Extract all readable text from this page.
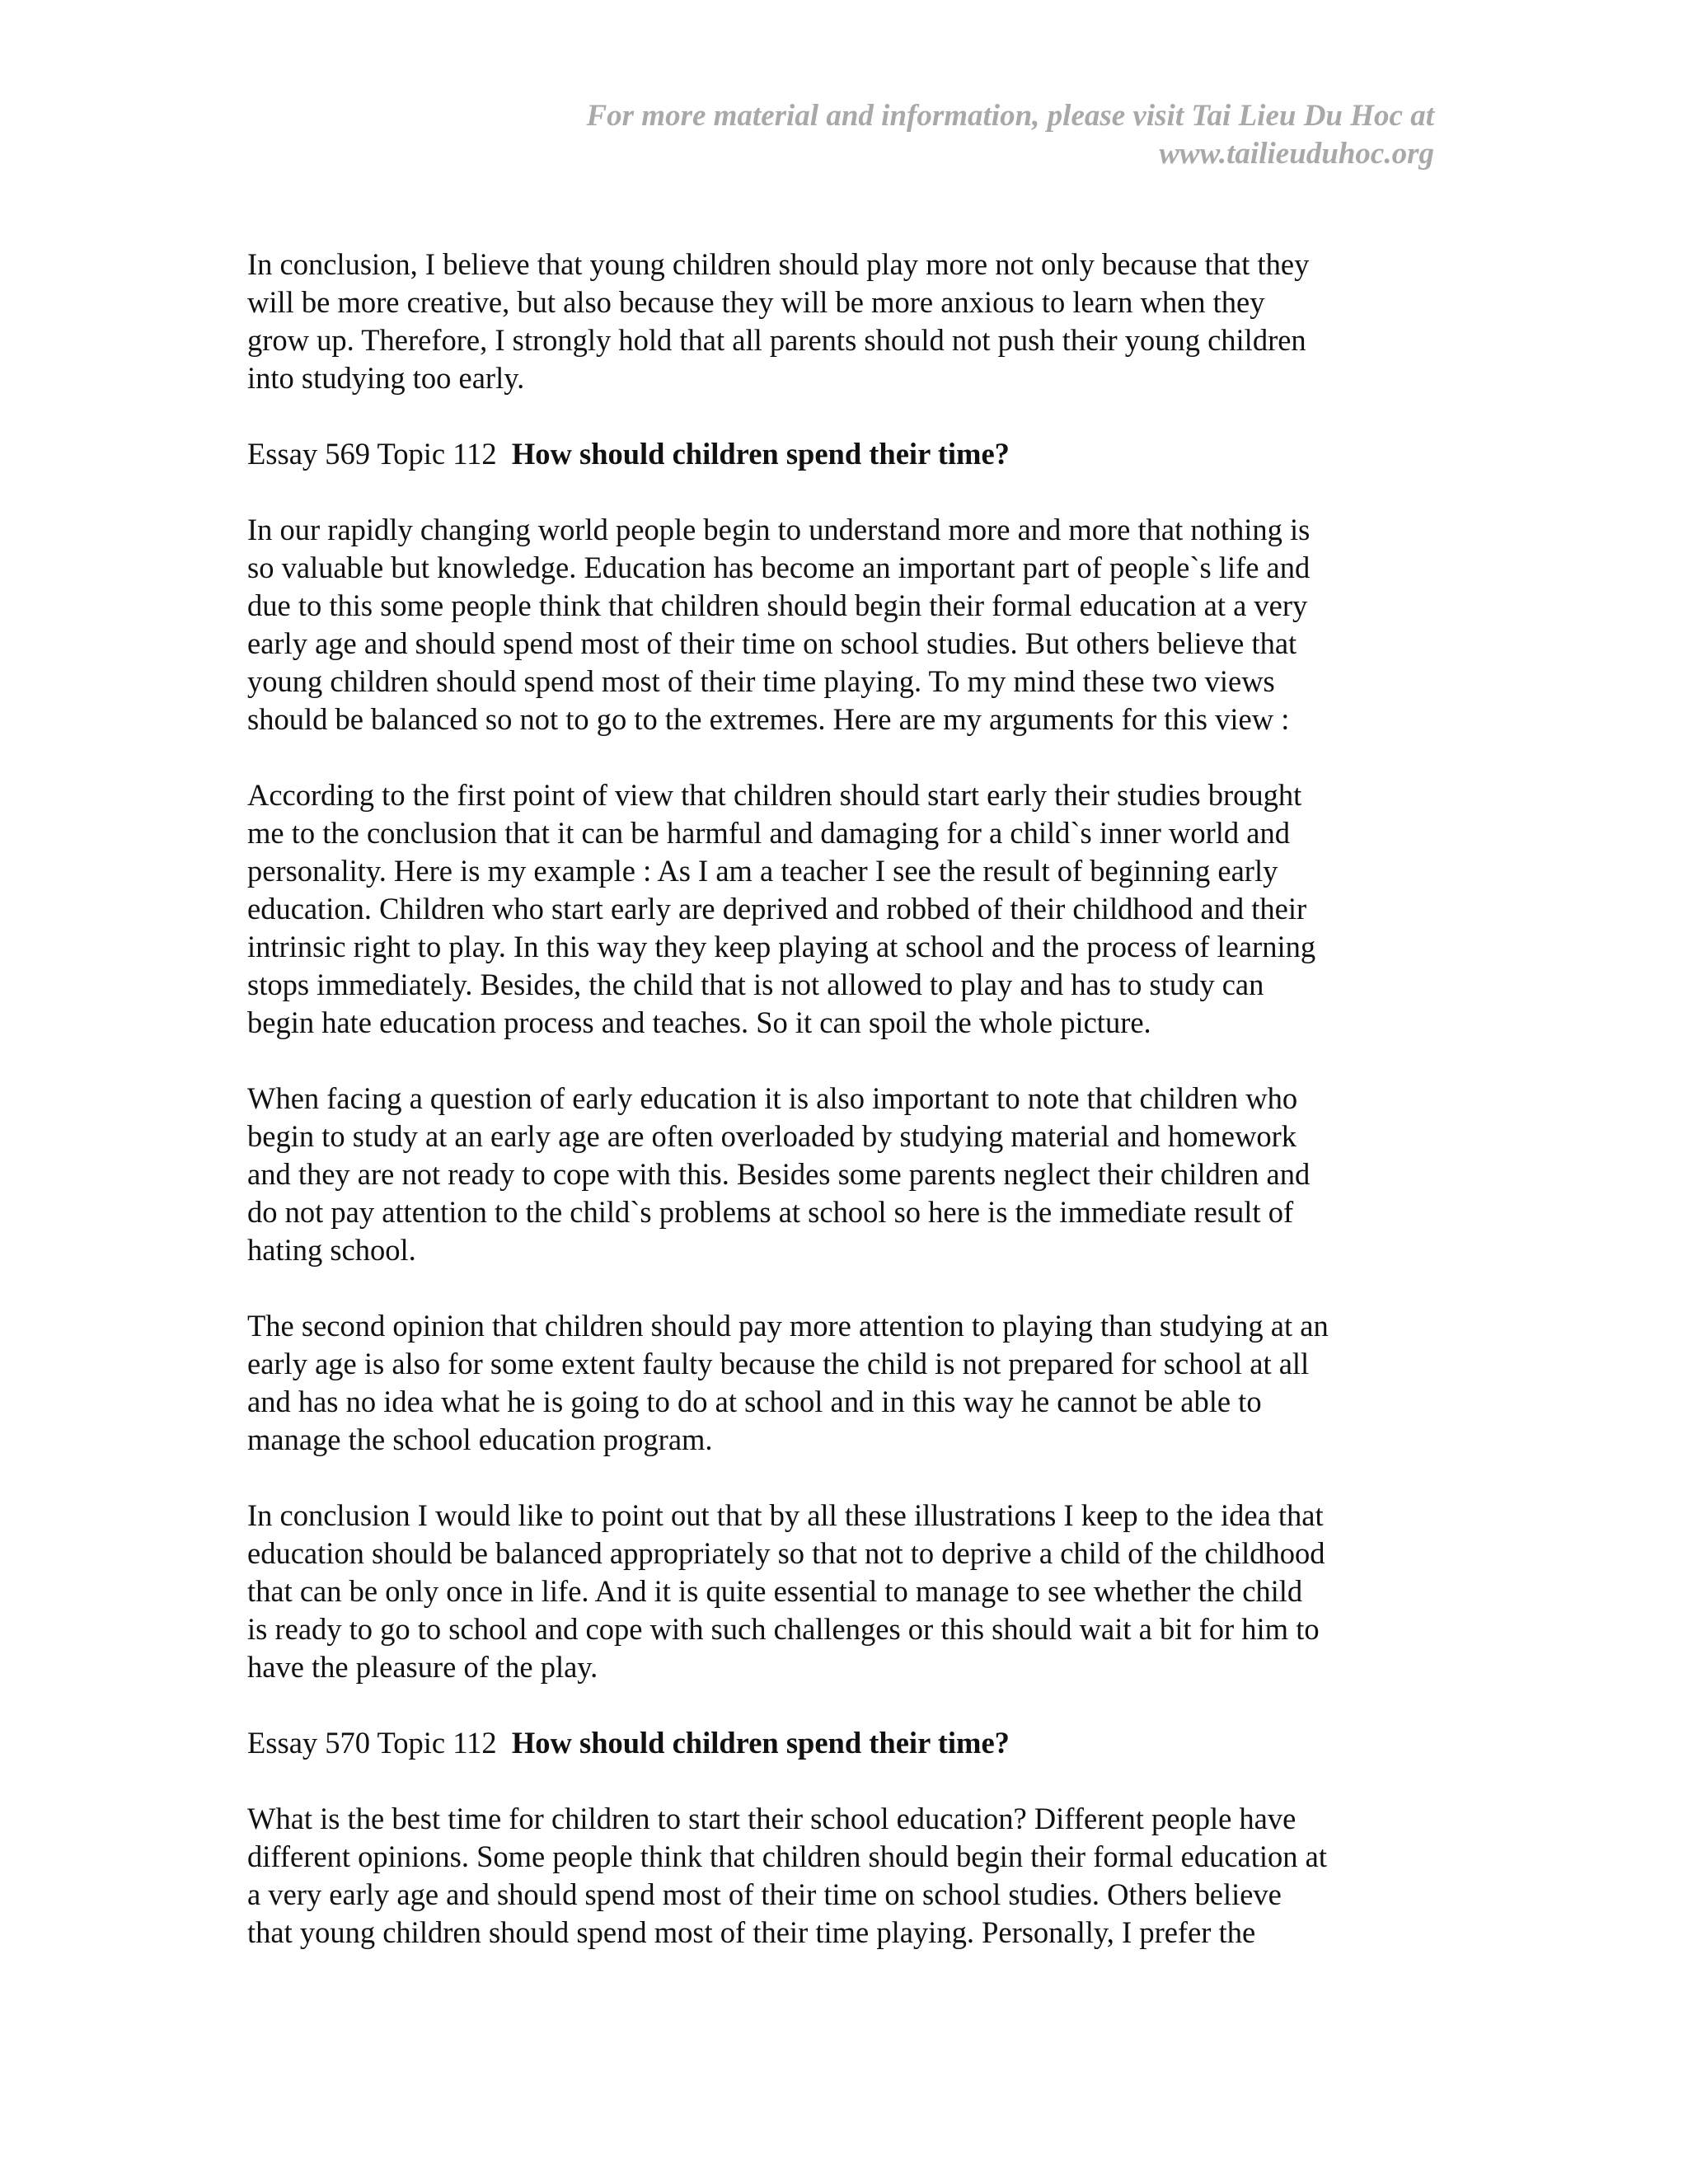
For more material and information, please visit Tai Lieu Du Hoc at
www.tailieuduhoc.org
In conclusion, I believe that young children should play more not only because that they
will be more creative, but also because they will be more anxious to learn when they
grow up. Therefore, I strongly hold that all parents should not push their young children
into studying too early.
Essay 569 Topic 112 How should children spend their time?
In our rapidly changing world people begin to understand more and more that nothing is
so valuable but knowledge. Education has become an important part of people`s life and
due to this some people think that children should begin their formal education at a very
early age and should spend most of their time on school studies. But others believe that
young children should spend most of their time playing. To my mind these two views
should be balanced so not to go to the extremes. Here are my arguments for this view :
According to the first point of view that children should start early their studies brought
me to the conclusion that it can be harmful and damaging for a child`s inner world and
personality. Here is my example : As I am a teacher I see the result of beginning early
education. Children who start early are deprived and robbed of their childhood and their
intrinsic right to play. In this way they keep playing at school and the process of learning
stops immediately. Besides, the child that is not allowed to play and has to study can
begin hate education process and teaches. So it can spoil the whole picture.
When facing a question of early education it is also important to note that children who
begin to study at an early age are often overloaded by studying material and homework
and they are not ready to cope with this. Besides some parents neglect their children and
do not pay attention to the child`s problems at school so here is the immediate result of
hating school.
The second opinion that children should pay more attention to playing than studying at an
early age is also for some extent faulty because the child is not prepared for school at all
and has no idea what he is going to do at school and in this way he cannot be able to
manage the school education program.
In conclusion I would like to point out that by all these illustrations I keep to the idea that
education should be balanced appropriately so that not to deprive a child of the childhood
that can be only once in life. And it is quite essential to manage to see whether the child
is ready to go to school and cope with such challenges or this should wait a bit for him to
have the pleasure of the play.
Essay 570 Topic 112 How should children spend their time?
What is the best time for children to start their school education? Different people have
different opinions. Some people think that children should begin their formal education at
a very early age and should spend most of their time on school studies. Others believe
that young children should spend most of their time playing. Personally, I prefer the
